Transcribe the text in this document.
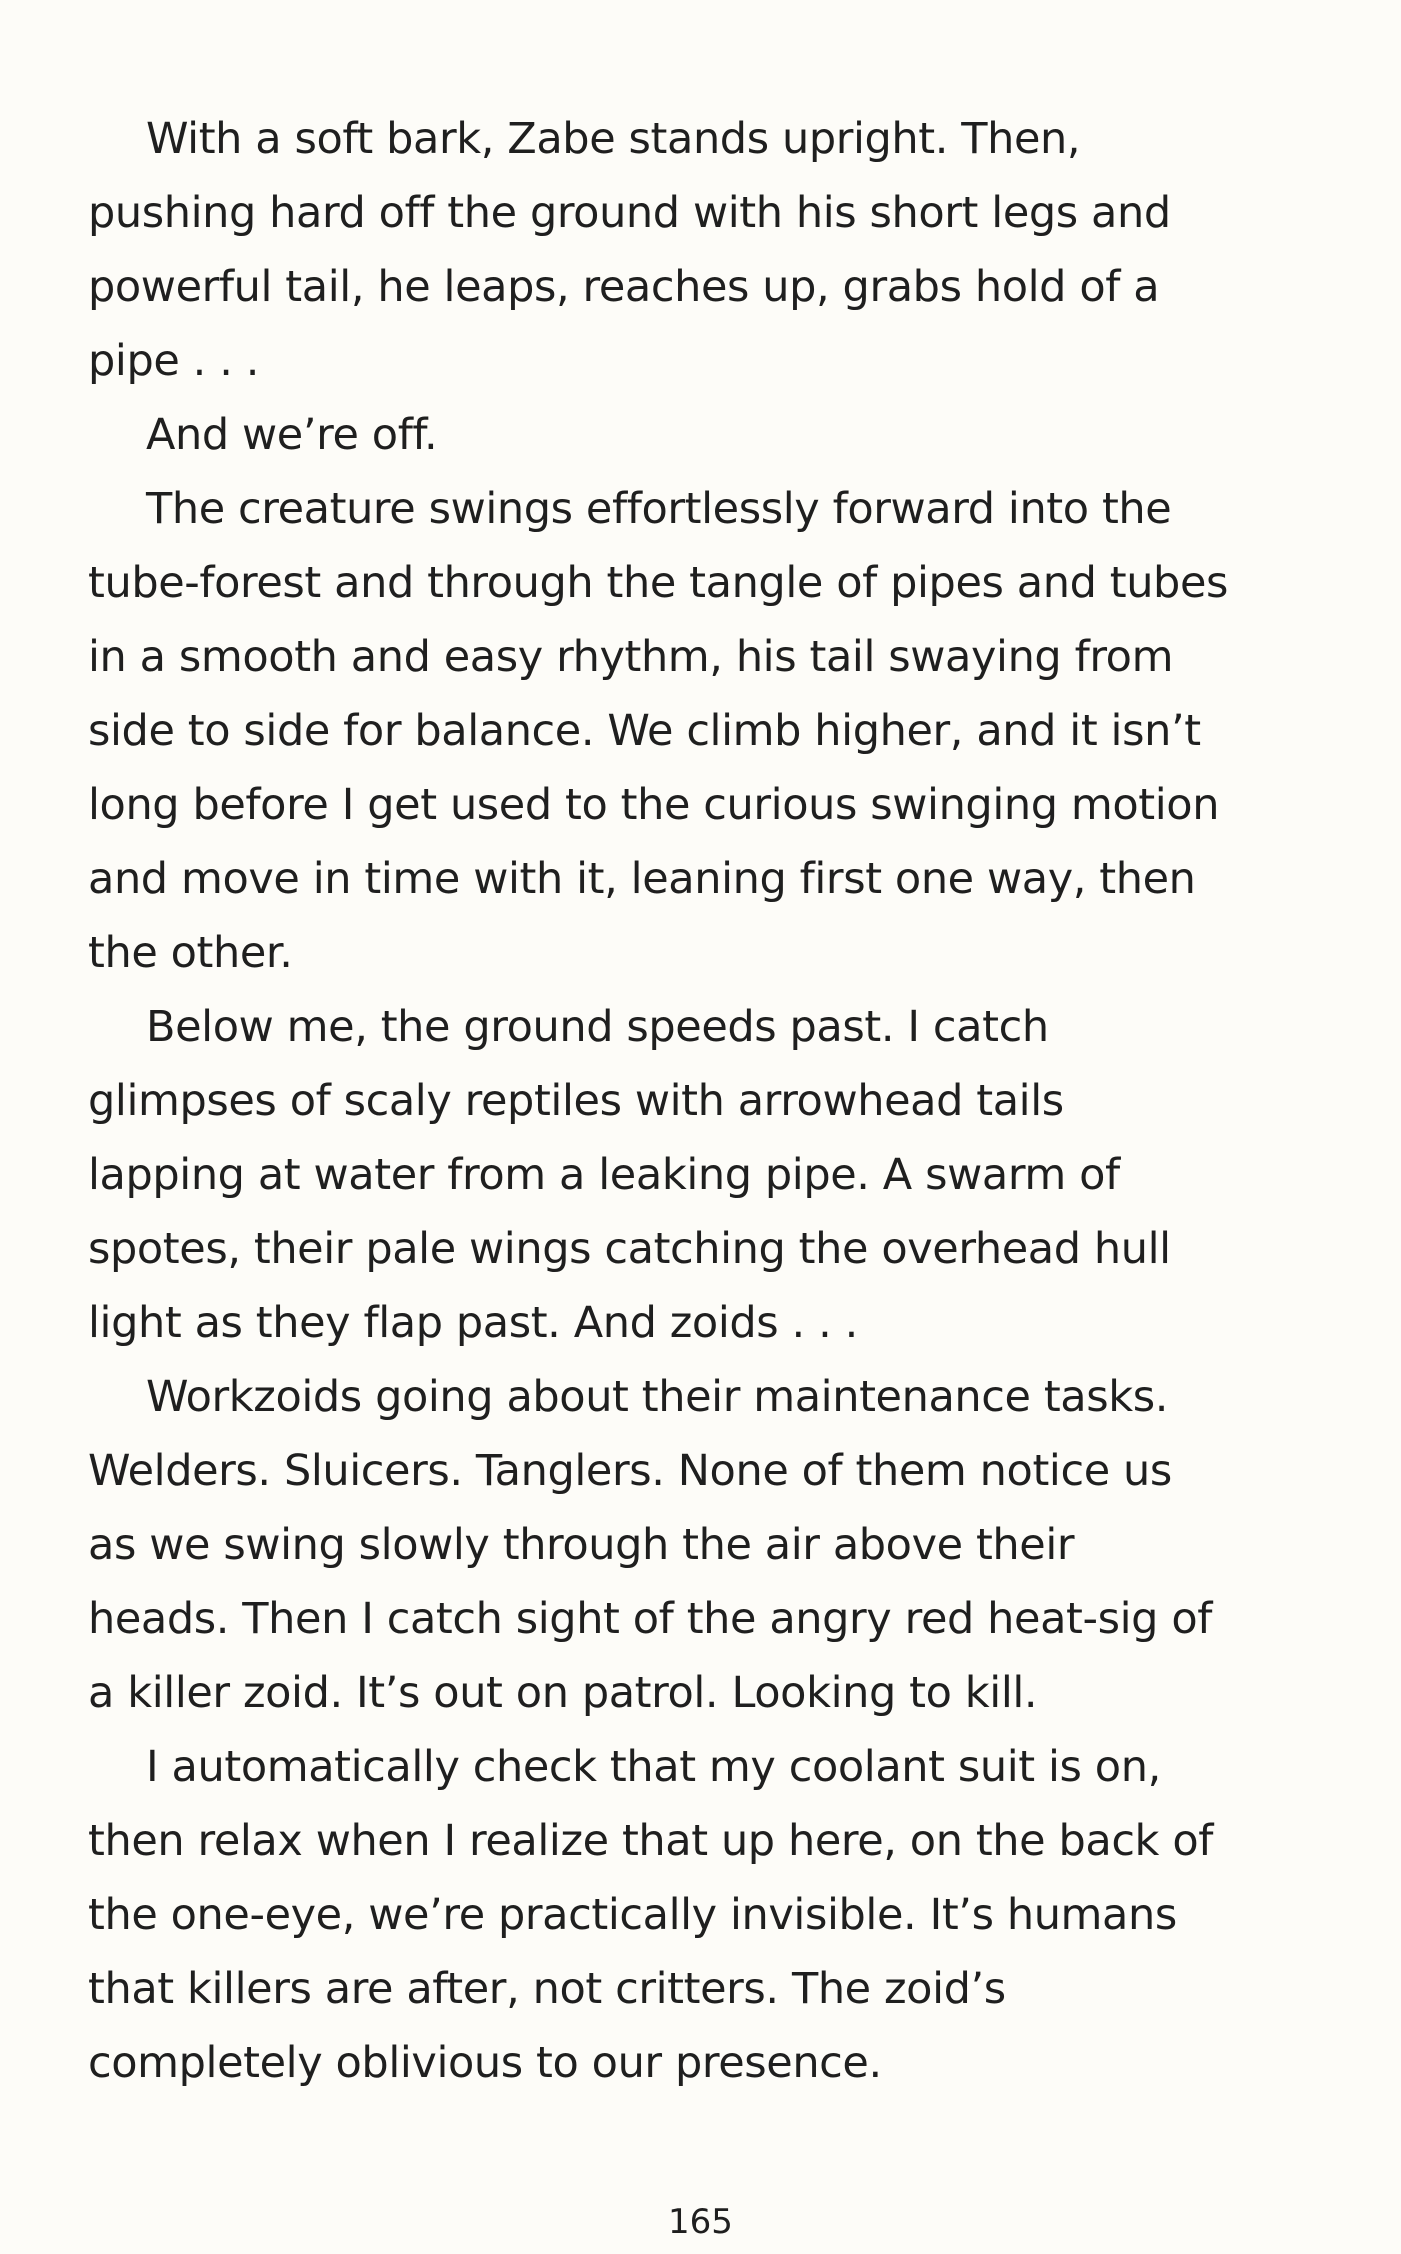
With a soft bark, Zabe stands upright. Then, pushing hard off the ground with his short legs and powerful tail, he leaps, reaches up, grabs hold of a pipe . . .

And we’re off.

The creature swings effortlessly forward into the tube-forest and through the tangle of pipes and tubes in a smooth and easy rhythm, his tail swaying from side to side for balance. We climb higher, and it isn’t long before I get used to the curious swinging motion and move in time with it, leaning first one way, then the other.

Below me, the ground speeds past. I catch glimpses of scaly reptiles with arrowhead tails lapping at water from a leaking pipe. A swarm of spotes, their pale wings catching the overhead hull light as they flap past. And zoids . . .

Workzoids going about their maintenance tasks. Welders. Sluicers. Tanglers. None of them notice us as we swing slowly through the air above their heads. Then I catch sight of the angry red heat-sig of a killer zoid. It’s out on patrol. Looking to kill.

I automatically check that my coolant suit is on, then relax when I realize that up here, on the back of the one-eye, we’re practically invisible. It’s humans that killers are after, not critters. The zoid’s completely oblivious to our presence.

165
